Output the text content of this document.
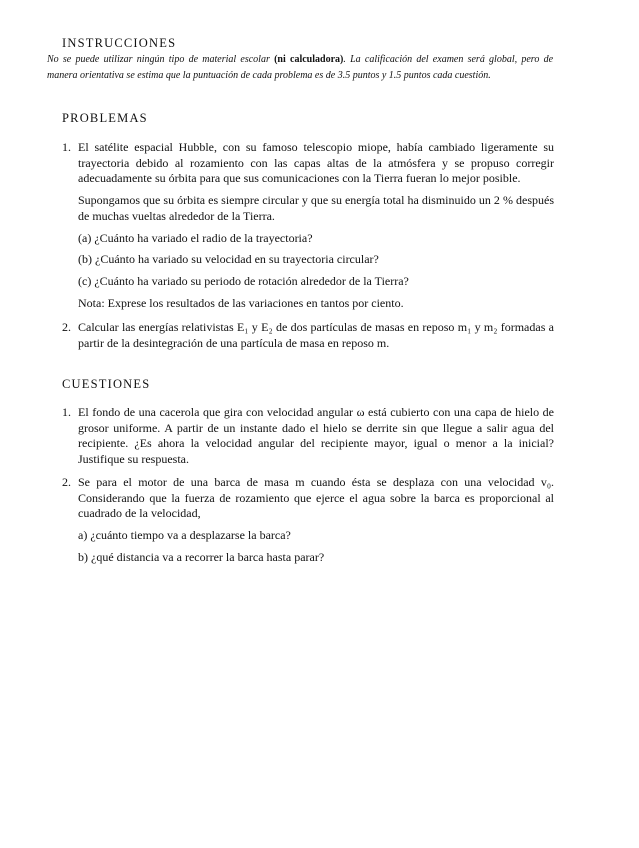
INSTRUCCIONES
No se puede utilizar ningún tipo de material escolar (ni calculadora). La calificación del examen será global, pero de manera orientativa se estima que la puntuación de cada problema es de 3.5 puntos y 1.5 puntos cada cuestión.
PROBLEMAS
1. El satélite espacial Hubble, con su famoso telescopio miope, había cambiado ligeramente su trayectoria debido al rozamiento con las capas altas de la atmósfera y se propuso corregir adecuadamente su órbita para que sus comunicaciones con la Tierra fueran lo mejor posible.

Supongamos que su órbita es siempre circular y que su energía total ha disminuido un 2 % después de muchas vueltas alrededor de la Tierra.

(a) ¿Cuánto ha variado el radio de la trayectoria?

(b) ¿Cuánto ha variado su velocidad en su trayectoria circular?

(c) ¿Cuánto ha variado su periodo de rotación alrededor de la Tierra?

Nota: Exprese los resultados de las variaciones en tantos por ciento.

2. Calcular las energías relativistas E₁ y E₂ de dos partículas de masas en reposo m₁ y m₂ formadas a partir de la desintegración de una partícula de masa en reposo m.

CUESTIONES
1. El fondo de una cacerola que gira con velocidad angular ω está cubierto con una capa de hielo de grosor uniforme. A partir de un instante dado el hielo se derrite sin que llegue a salir agua del recipiente. ¿Es ahora la velocidad angular del recipiente mayor, igual o menor a la inicial? Justifique su respuesta.

2. Se para el motor de una barca de masa m cuando ésta se desplaza con una velocidad v₀. Considerando que la fuerza de rozamiento que ejerce el agua sobre la barca es proporcional al cuadrado de la velocidad,

a) ¿cuánto tiempo va a desplazarse la barca?

b) ¿qué distancia va a recorrer la barca hasta parar?
